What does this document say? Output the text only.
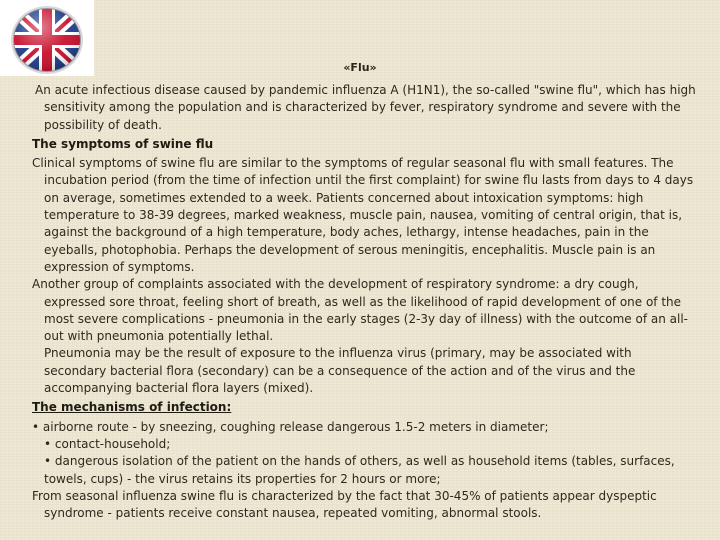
«Flu»

An acute infectious disease caused by pandemic influenza A (H1N1), the so-called "swine flu", which has high sensitivity among the population and is characterized by fever, respiratory syndrome and severe with the possibility of death.

The symptoms of swine flu

Clinical symptoms of swine flu are similar to the symptoms of regular seasonal flu with small features. The incubation period (from the time of infection until the first complaint) for swine flu lasts from days to 4 days on average, sometimes extended to a week. Patients concerned about intoxication symptoms: high temperature to 38-39 degrees, marked weakness, muscle pain, nausea, vomiting of central origin, that is, against the background of a high temperature, body aches, lethargy, intense headaches, pain in the eyeballs, photophobia. Perhaps the development of serous meningitis, encephalitis. Muscle pain is an expression of symptoms.

Another group of complaints associated with the development of respiratory syndrome: a dry cough, expressed sore throat, feeling short of breath, as well as the likelihood of rapid development of one of the most severe complications - pneumonia in the early stages (2-3y day of illness) with the outcome of an all-out with pneumonia potentially lethal.

Pneumonia may be the result of exposure to the influenza virus (primary, may be associated with secondary bacterial flora (secondary) can be a consequence of the action and of the virus and the accompanying bacterial flora layers (mixed).

The mechanisms of infection:

• airborne route - by sneezing, coughing release dangerous 1.5-2 meters in diameter;

• contact-household;

• dangerous isolation of the patient on the hands of others, as well as household items (tables, surfaces, towels, cups) - the virus retains its properties for 2 hours or more;

From seasonal influenza swine flu is characterized by the fact that 30-45% of patients appear dyspeptic syndrome - patients receive constant nausea, repeated vomiting, abnormal stools.
